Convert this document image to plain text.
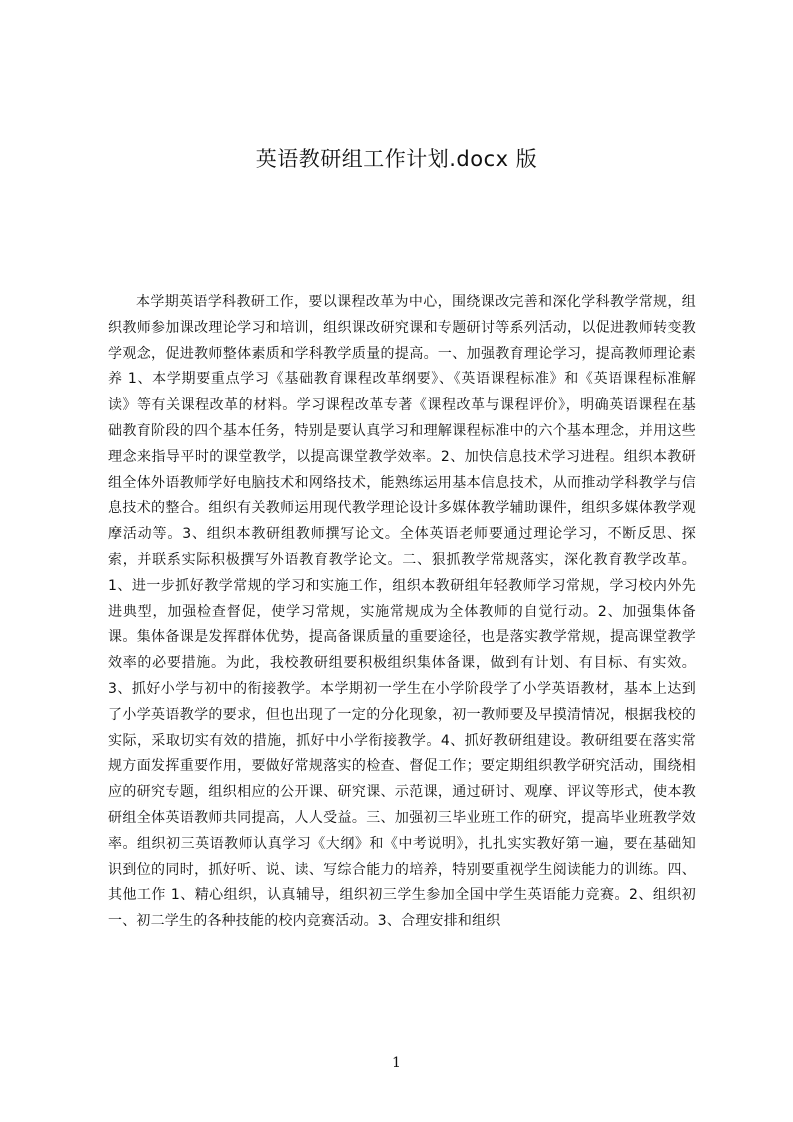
英语教研组工作计划.docx 版
本学期英语学科教研工作，要以课程改革为中心，围绕课改完善和深化学科教学常规，组织教师参加课改理论学习和培训，组织课改研究课和专题研讨等系列活动，以促进教师转变教学观念，促进教师整体素质和学科教学质量的提高。一、加强教育理论学习，提高教师理论素养 1、本学期要重点学习《基础教育课程改革纲要》、《英语课程标准》和《英语课程标准解读》等有关课程改革的材料。学习课程改革专著《课程改革与课程评价》，明确英语课程在基础教育阶段的四个基本任务，特别是要认真学习和理解课程标准中的六个基本理念，并用这些理念来指导平时的课堂教学，以提高课堂教学效率。2、加快信息技术学习进程。组织本教研组全体外语教师学好电脑技术和网络技术，能熟练运用基本信息技术，从而推动学科教学与信息技术的整合。组织有关教师运用现代教学理论设计多媒体教学辅助课件，组织多媒体教学观摩活动等。3、组织本教研组教师撰写论文。全体英语老师要通过理论学习，不断反思、探索，并联系实际积极撰写外语教育教学论文。二、狠抓教学常规落实，深化教育教学改革。1、进一步抓好教学常规的学习和实施工作，组织本教研组年轻教师学习常规，学习校内外先进典型，加强检查督促，使学习常规，实施常规成为全体教师的自觉行动。2、加强集体备课。集体备课是发挥群体优势，提高备课质量的重要途径，也是落实教学常规，提高课堂教学效率的必要措施。为此，我校教研组要积极组织集体备课，做到有计划、有目标、有实效。3、抓好小学与初中的衔接教学。本学期初一学生在小学阶段学了小学英语教材，基本上达到了小学英语教学的要求，但也出现了一定的分化现象，初一教师要及早摸清情况，根据我校的实际，采取切实有效的措施，抓好中小学衔接教学。4、抓好教研组建设。教研组要在落实常规方面发挥重要作用，要做好常规落实的检查、督促工作；要定期组织教学研究活动，围绕相应的研究专题，组织相应的公开课、研究课、示范课，通过研讨、观摩、评议等形式，使本教研组全体英语教师共同提高，人人受益。三、加强初三毕业班工作的研究，提高毕业班教学效率。组织初三英语教师认真学习《大纲》和《中考说明》，扎扎实实教好第一遍，要在基础知识到位的同时，抓好听、说、读、写综合能力的培养，特别要重视学生阅读能力的训练。四、其他工作 1、精心组织，认真辅导，组织初三学生参加全国中学生英语能力竞赛。2、组织初一、初二学生的各种技能的校内竞赛活动。3、合理安排和组织
1
